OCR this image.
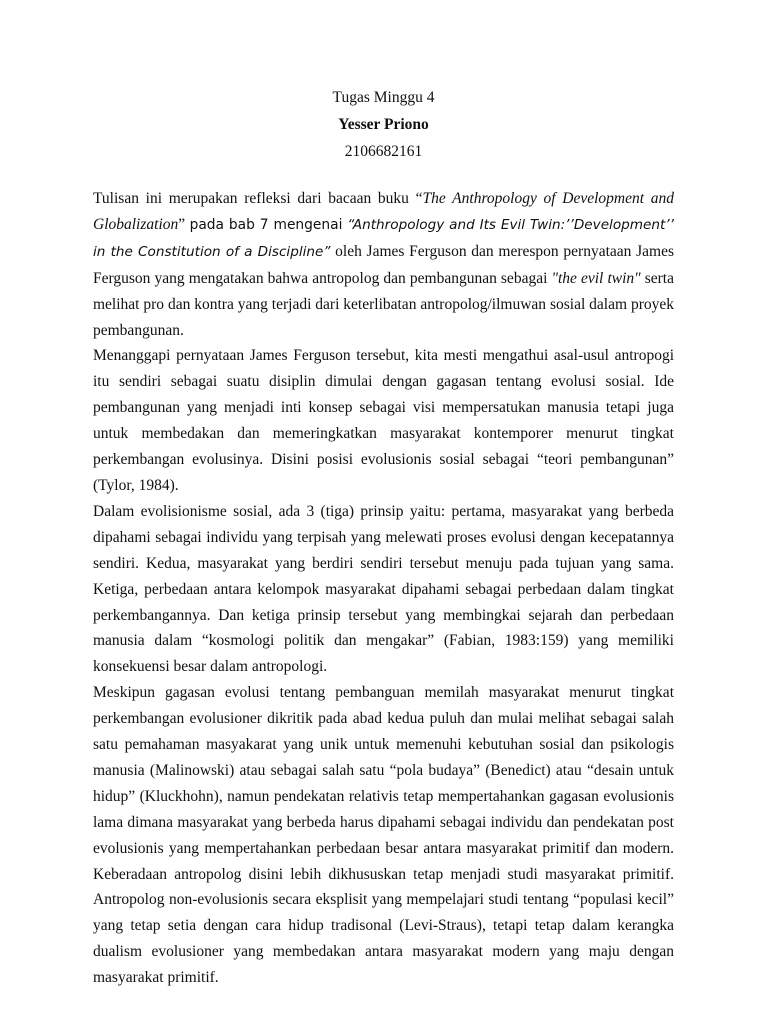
Tugas Minggu 4
Yesser Priono
2106682161

Tulisan ini merupakan refleksi dari bacaan buku “The Anthropology of Development and Globalization” pada bab 7 mengenai “Anthropology and Its Evil Twin:’’Development’’ in the Constitution of a Discipline” oleh James Ferguson dan merespon pernyataan James Ferguson yang mengatakan bahwa antropolog dan pembangunan sebagai "the evil twin" serta melihat pro dan kontra yang terjadi dari keterlibatan antropolog/ilmuwan sosial dalam proyek pembangunan.

Menanggapi pernyataan James Ferguson tersebut, kita mesti mengathui asal-usul antropogi itu sendiri sebagai suatu disiplin dimulai dengan gagasan tentang evolusi sosial. Ide pembangunan yang menjadi inti konsep sebagai visi mempersatukan manusia tetapi juga untuk membedakan dan memeringkatkan masyarakat kontemporer menurut tingkat perkembangan evolusinya. Disini posisi evolusionis sosial sebagai “teori pembangunan” (Tylor, 1984).

Dalam evolisionisme sosial, ada 3 (tiga) prinsip yaitu: pertama, masyarakat yang berbeda dipahami sebagai individu yang terpisah yang melewati proses evolusi dengan kecepatannya sendiri. Kedua, masyarakat yang berdiri sendiri tersebut menuju pada tujuan yang sama. Ketiga, perbedaan antara kelompok masyarakat dipahami sebagai perbedaan dalam tingkat perkembangannya. Dan ketiga prinsip tersebut yang membingkai sejarah dan perbedaan manusia dalam “kosmologi politik dan mengakar” (Fabian, 1983:159) yang memiliki konsekuensi besar dalam antropologi.

Meskipun gagasan evolusi tentang pembanguan memilah masyarakat menurut tingkat perkembangan evolusioner dikritik pada abad kedua puluh dan mulai melihat sebagai salah satu pemahaman masyakarat yang unik untuk memenuhi kebutuhan sosial dan psikologis manusia (Malinowski) atau sebagai salah satu “pola budaya” (Benedict) atau “desain untuk hidup” (Kluckhohn), namun pendekatan relativis tetap mempertahankan gagasan evolusionis lama dimana masyarakat yang berbeda harus dipahami sebagai individu dan pendekatan post evolusionis yang mempertahankan perbedaan besar antara masyarakat primitif dan modern. Keberadaan antropolog disini lebih dikhususkan tetap menjadi studi masyarakat primitif. Antropolog non-evolusionis secara eksplisit yang mempelajari studi tentang “populasi kecil” yang tetap setia dengan cara hidup tradisonal (Levi-Straus), tetapi tetap dalam kerangka dualism evolusioner yang membedakan antara masyarakat modern yang maju dengan masyarakat primitif.
